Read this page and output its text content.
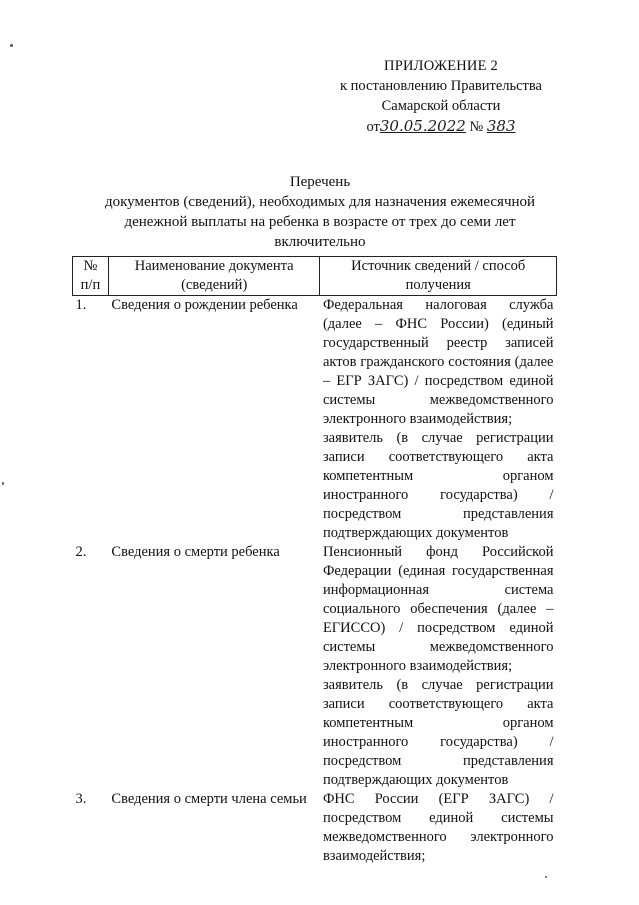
ПРИЛОЖЕНИЕ 2
к постановлению Правительства
Самарской области
от30.05.2022 № 383
Перечень
документов (сведений), необходимых для назначения ежемесячной
денежной выплаты на ребенка в возрасте от трех до семи лет
включительно
№ п/п	Наименование документа (сведений)	Источник сведений / способ получения
1.	Сведения о рождении ребенка	Федеральная налоговая служба (далее – ФНС России) (единый государственный реестр записей актов гражданского состояния (далее – ЕГР ЗАГС) / посредством единой системы межведомственного электронного взаимодействия;
заявитель (в случае регистрации записи соответствующего акта компетентным органом иностранного государства) / посредством представления подтверждающих документов

2.	Сведения о смерти ребенка	Пенсионный фонд Российской Федерации (единая государственная информационная система социального обеспечения (далее – ЕГИССО) / посредством единой системы межведомственного электронного взаимодействия;
заявитель (в случае регистрации записи соответствующего акта компетентным органом иностранного государства) / посредством представления подтверждающих документов

3.	Сведения о смерти члена семьи	ФНС России (ЕГР ЗАГС) / посредством единой системы межведомственного электронного взаимодействия;
